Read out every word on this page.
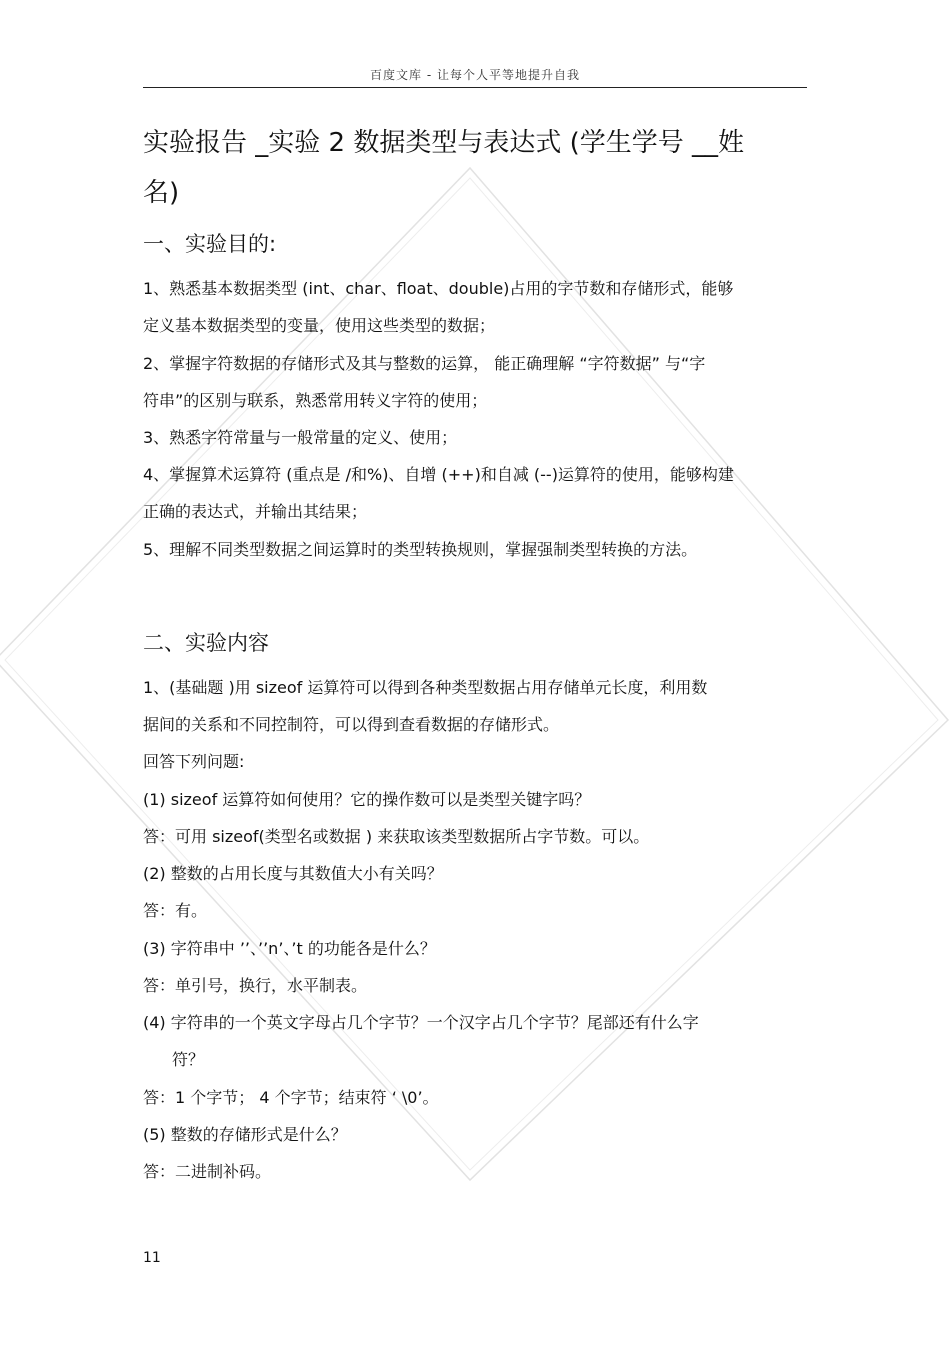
百度文库 - 让每个人平等地提升自我
实验报告 _实验 2 数据类型与表达式 (学生学号 __姓
名)
一、实验目的:
1、熟悉基本数据类型 (int、char、float、double)占用的字节数和存储形式，能够
定义基本数据类型的变量，使用这些类型的数据；
2、掌握字符数据的存储形式及其与整数的运算， 能正确理解 “字符数据” 与“字
符串”的区别与联系，熟悉常用转义字符的使用；
3、熟悉字符常量与一般常量的定义、使用；
4、掌握算术运算符 (重点是 /和%)、自增 (++)和自减 (--)运算符的使用，能够构建
正确的表达式，并输出其结果；
5、理解不同类型数据之间运算时的类型转换规则，掌握强制类型转换的方法。
二、实验内容
1、(基础题 )用 sizeof 运算符可以得到各种类型数据占用存储单元长度，利用数
据间的关系和不同控制符，可以得到查看数据的存储形式。
回答下列问题:
(1) sizeof 运算符如何使用？它的操作数可以是类型关键字吗？
答：可用 sizeof(类型名或数据 ) 来获取该类型数据所占字节数。可以。
(2) 整数的占用长度与其数值大小有关吗？
答：有。
(3) 字符串中 ’’、’’n’、’t 的功能各是什么？
答：单引号，换行，水平制表。
(4) 字符串的一个英文字母占几个字节？一个汉字占几个字节？尾部还有什么字
符？
答：1 个字节； 4 个字节；结束符 ‘ \0’。
(5) 整数的存储形式是什么？
答：二进制补码。
11
